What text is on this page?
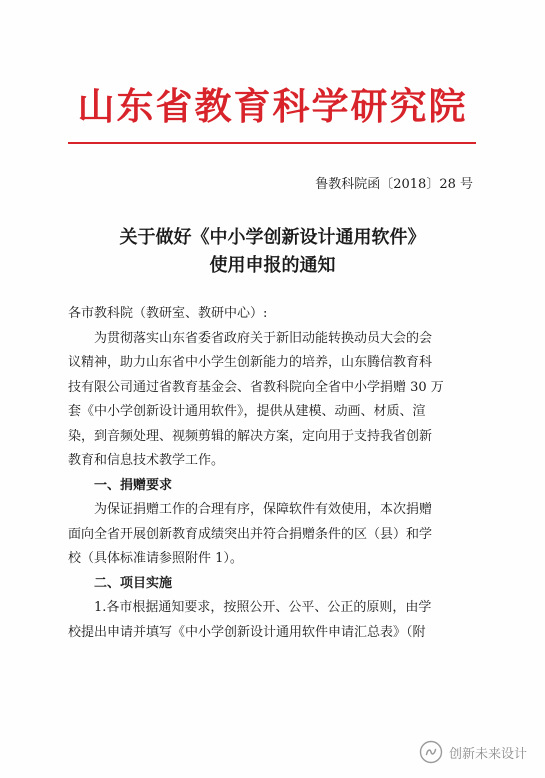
山东省教育科学研究院
鲁教科院函〔2018〕28 号
关于做好《中小学创新设计通用软件》
使用申报的通知
各市教科院（教研室、教研中心）:
为贯彻落实山东省委省政府关于新旧动能转换动员大会的会
议精神，助力山东省中小学生创新能力的培养，山东腾信教育科
技有限公司通过省教育基金会、省教科院向全省中小学捐赠 30 万
套《中小学创新设计通用软件》，提供从建模、动画、材质、渲
染，到音频处理、视频剪辑的解决方案，定向用于支持我省创新
教育和信息技术教学工作。
一、捐赠要求
为保证捐赠工作的合理有序，保障软件有效使用，本次捐赠
面向全省开展创新教育成绩突出并符合捐赠条件的区（县）和学
校（具体标准请参照附件 1）。
二、项目实施
1.各市根据通知要求，按照公开、公平、公正的原则，由学
校提出申请并填写《中小学创新设计通用软件申请汇总表》（附
创新未来设计
